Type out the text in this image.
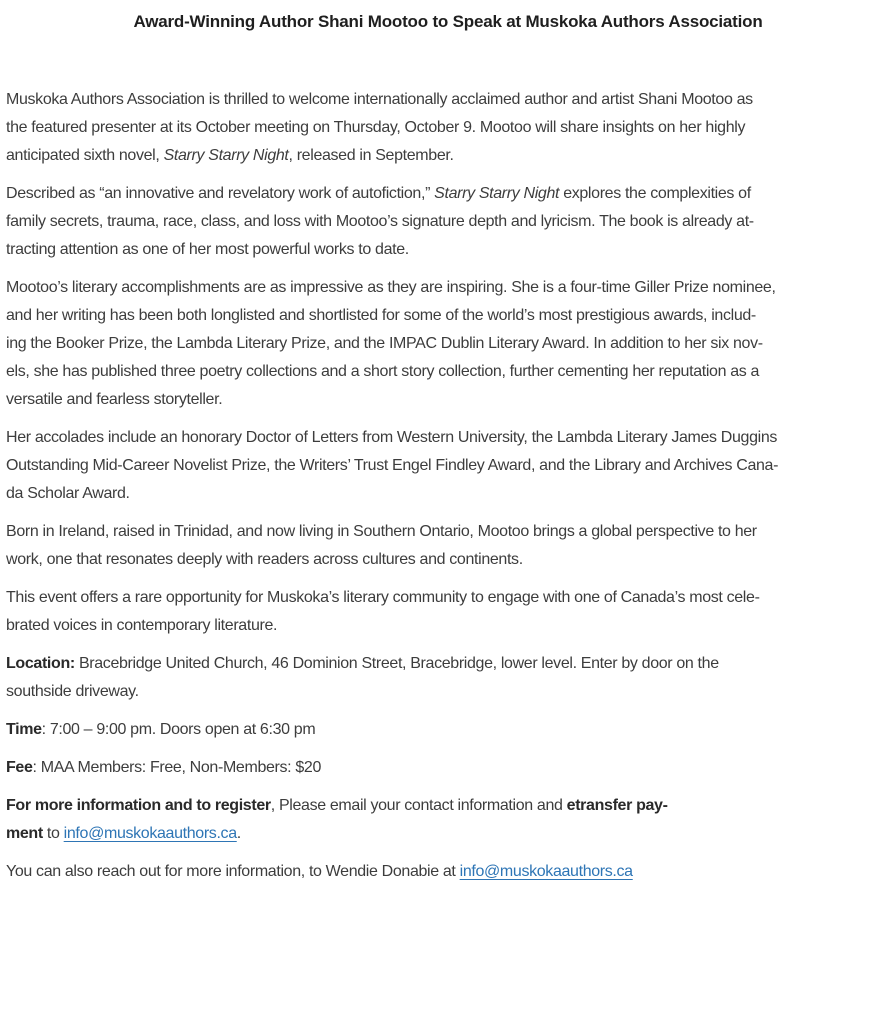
Award-Winning Author Shani Mootoo to Speak at Muskoka Authors Association
Muskoka Authors Association is thrilled to welcome internationally acclaimed author and artist Shani Mootoo as
the featured presenter at its October meeting on Thursday, October 9. Mootoo will share insights on her highly
anticipated sixth novel, Starry Starry Night, released in September.
Described as “an innovative and revelatory work of autofiction,” Starry Starry Night explores the complexities of
family secrets, trauma, race, class, and loss with Mootoo’s signature depth and lyricism. The book is already at-
tracting attention as one of her most powerful works to date.
Mootoo’s literary accomplishments are as impressive as they are inspiring. She is a four-time Giller Prize nominee,
and her writing has been both longlisted and shortlisted for some of the world’s most prestigious awards, includ-
ing the Booker Prize, the Lambda Literary Prize, and the IMPAC Dublin Literary Award. In addition to her six nov-
els, she has published three poetry collections and a short story collection, further cementing her reputation as a
versatile and fearless storyteller.
Her accolades include an honorary Doctor of Letters from Western University, the Lambda Literary James Duggins
Outstanding Mid-Career Novelist Prize, the Writers’ Trust Engel Findley Award, and the Library and Archives Cana-
da Scholar Award.
Born in Ireland, raised in Trinidad, and now living in Southern Ontario, Mootoo brings a global perspective to her
work, one that resonates deeply with readers across cultures and continents.
This event offers a rare opportunity for Muskoka’s literary community to engage with one of Canada’s most cele-
brated voices in contemporary literature.
Location: Bracebridge United Church, 46 Dominion Street, Bracebridge, lower level. Enter by door on the
southside driveway.
Time: 7:00 – 9:00 pm. Doors open at 6:30 pm
Fee: MAA Members: Free, Non-Members: $20
For more information and to register, Please email your contact information and etransfer pay-
ment to info@muskokaauthors.ca.
You can also reach out for more information, to Wendie Donabie at info@muskokaauthors.ca
